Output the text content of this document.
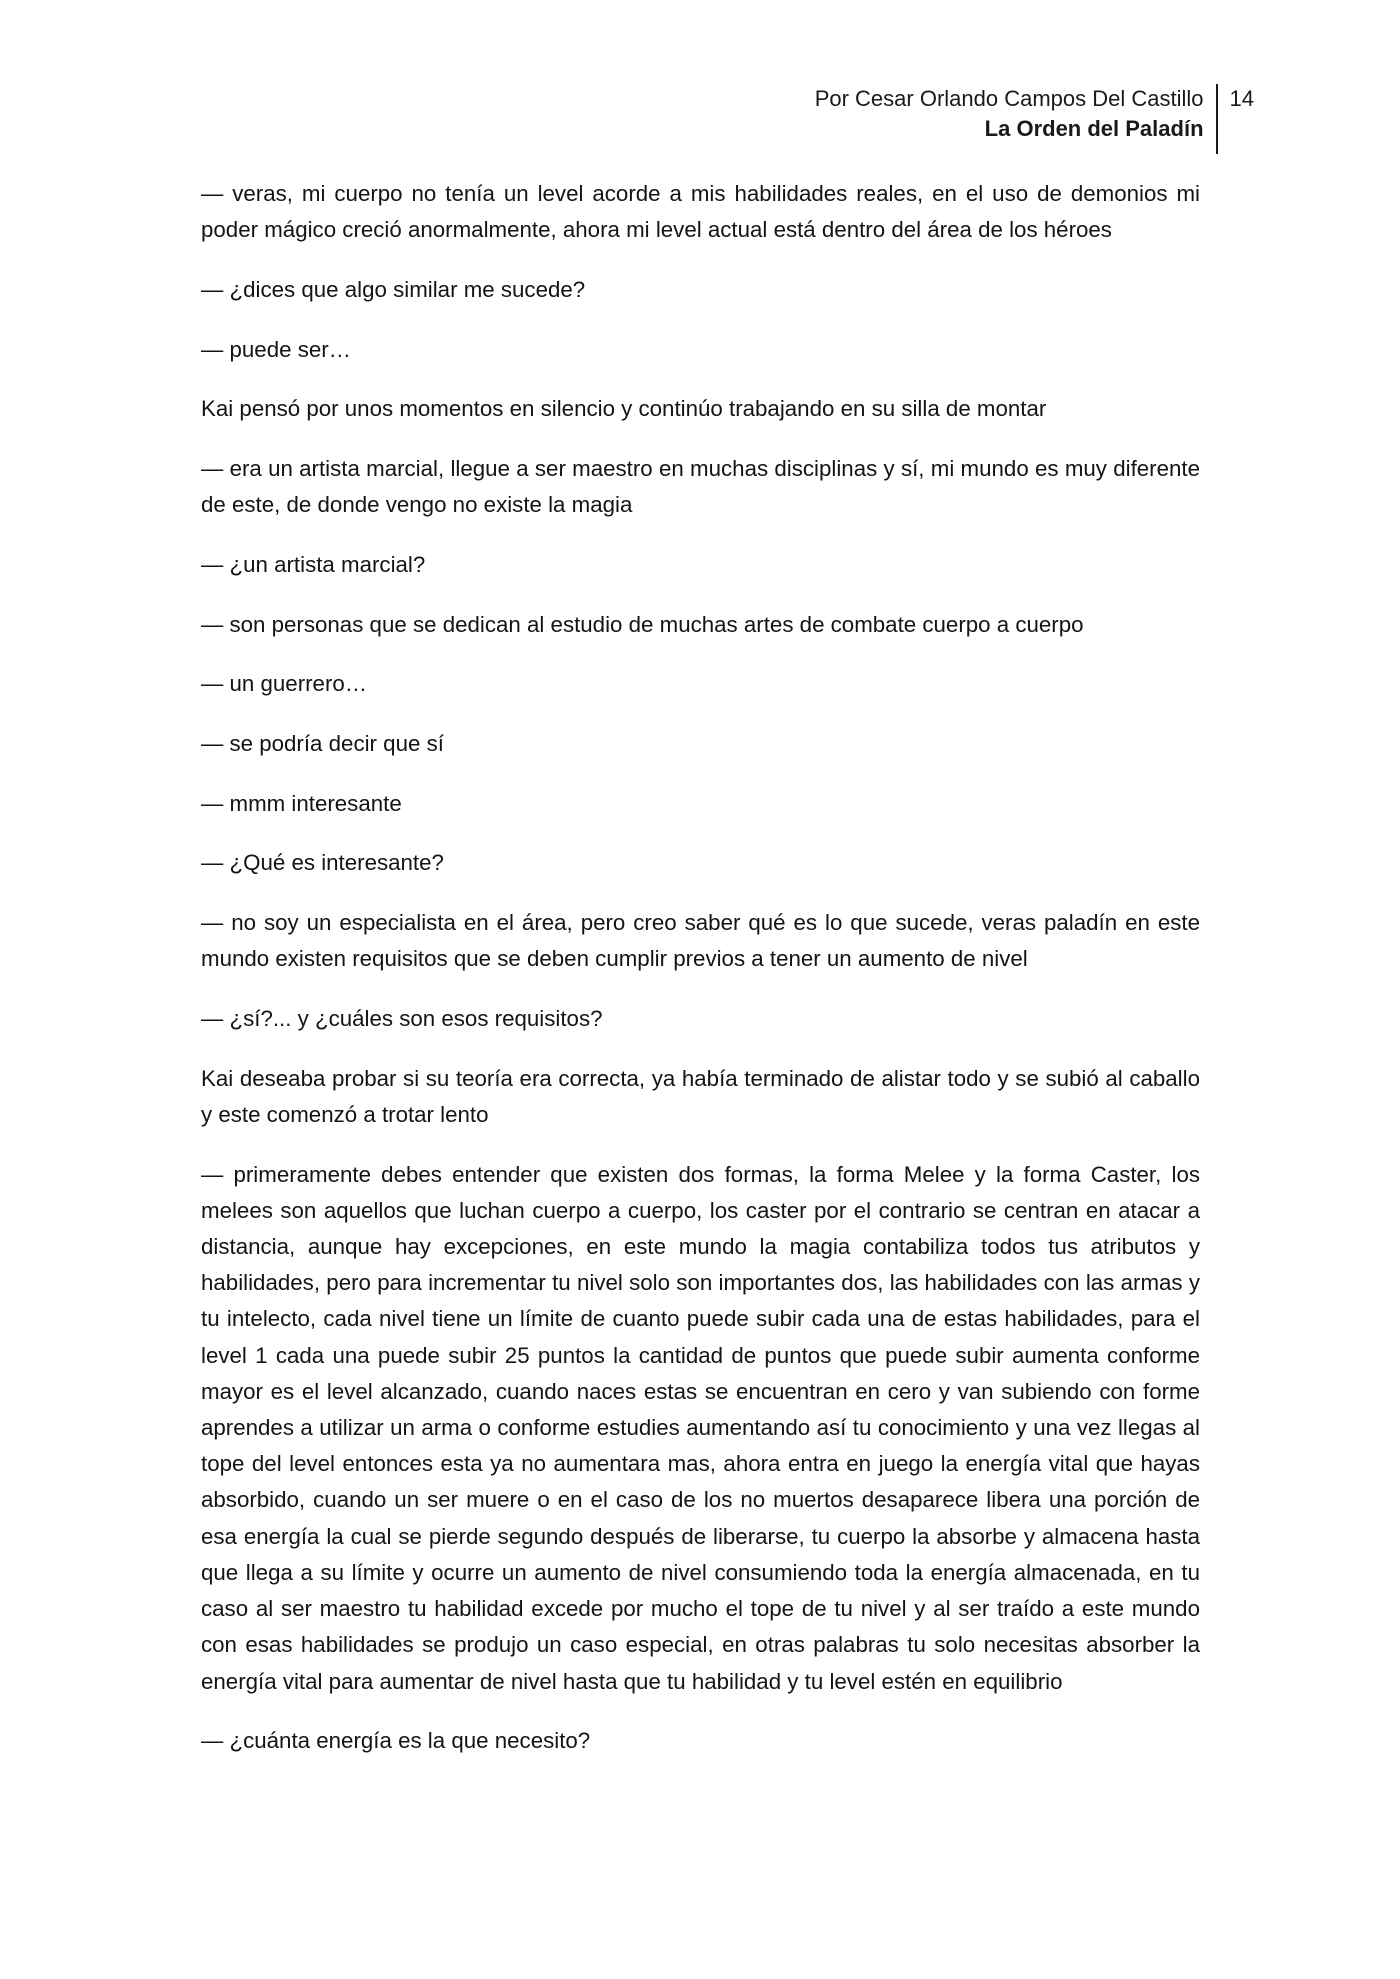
Por Cesar Orlando Campos Del Castillo
La Orden del Paladín
14

— veras, mi cuerpo no tenía un level acorde a mis habilidades reales, en el uso de demonios mi poder mágico creció anormalmente, ahora mi level actual está dentro del área de los héroes

— ¿dices que algo similar me sucede?

— puede ser…

Kai pensó por unos momentos en silencio y continúo trabajando en su silla de montar

— era un artista marcial, llegue a ser maestro en muchas disciplinas y sí, mi mundo es muy diferente de este, de donde vengo no existe la magia

— ¿un artista marcial?

— son personas que se dedican al estudio de muchas artes de combate cuerpo a cuerpo

— un guerrero…

— se podría decir que sí

— mmm interesante

— ¿Qué es interesante?

— no soy un especialista en el área, pero creo saber qué es lo que sucede, veras paladín en este mundo existen requisitos que se deben cumplir previos a tener un aumento de nivel

— ¿sí?... y ¿cuáles son esos requisitos?

Kai deseaba probar si su teoría era correcta, ya había terminado de alistar todo y se subió al caballo y este comenzó a trotar lento

— primeramente debes entender que existen dos formas, la forma Melee y la forma Caster, los melees son aquellos que luchan cuerpo a cuerpo, los caster por el contrario se centran en atacar a distancia, aunque hay excepciones, en este mundo la magia contabiliza todos tus atributos y habilidades, pero para incrementar tu nivel solo son importantes dos, las habilidades con las armas y tu intelecto, cada nivel tiene un límite de cuanto puede subir cada una de estas habilidades, para el level 1 cada una puede subir 25 puntos la cantidad de puntos que puede subir aumenta conforme mayor es el level alcanzado, cuando naces estas se encuentran en cero y van subiendo con forme aprendes a utilizar un arma o conforme estudies aumentando así tu conocimiento y una vez llegas al tope del level entonces esta ya no aumentara mas, ahora entra en juego la energía vital que hayas absorbido, cuando un ser muere o en el caso de los no muertos desaparece libera una porción de esa energía la cual se pierde segundo después de liberarse, tu cuerpo la absorbe y almacena hasta que llega a su límite y ocurre un aumento de nivel consumiendo toda la energía almacenada, en tu caso al ser maestro tu habilidad excede por mucho el tope de tu nivel y al ser traído a este mundo con esas habilidades se produjo un caso especial, en otras palabras tu solo necesitas absorber la energía vital para aumentar de nivel hasta que tu habilidad y tu level estén en equilibrio

— ¿cuánta energía es la que necesito?
